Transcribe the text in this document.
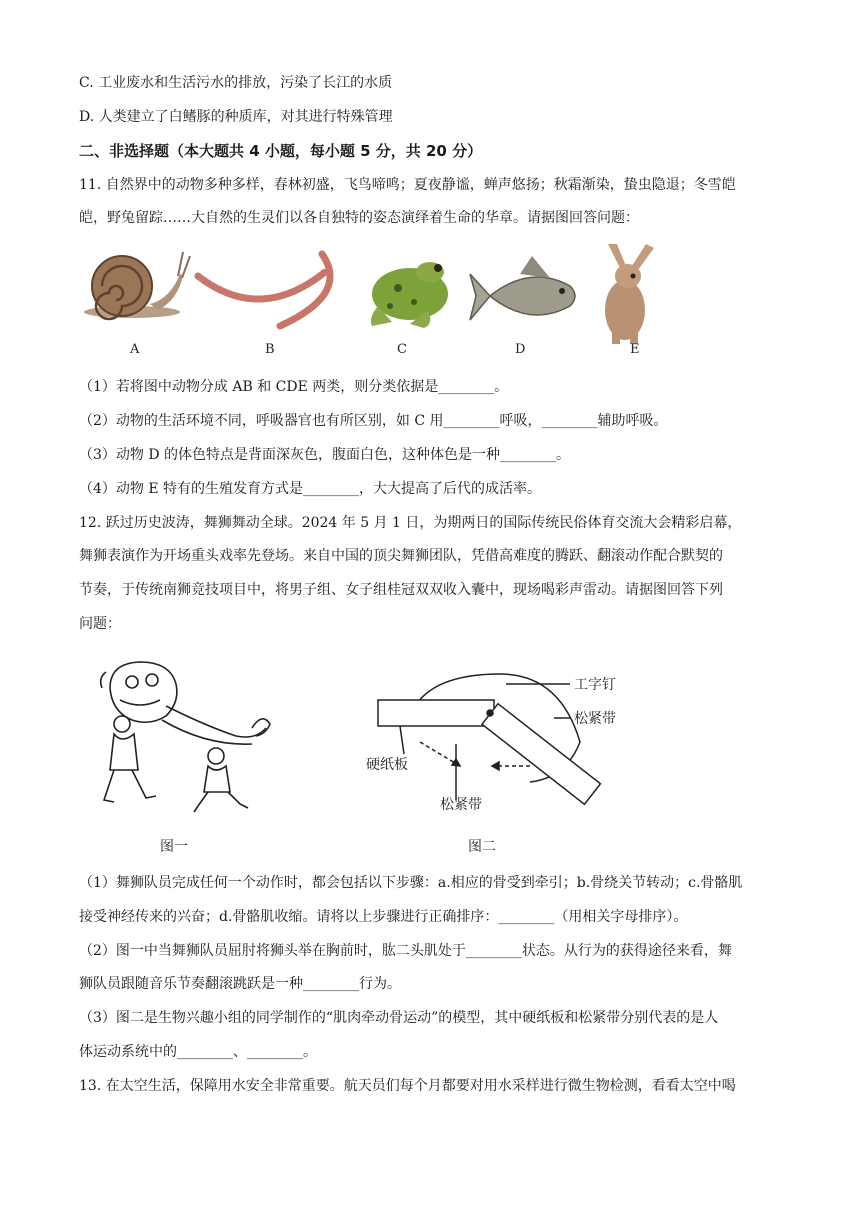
C. 工业废水和生活污水的排放，污染了长江的水质
D. 人类建立了白鳍豚的种质库，对其进行特殊管理
二、非选择题（本大题共 4 小题，每小题 5 分，共 20 分）
11. 自然界中的动物多种多样，春林初盛，飞鸟啼鸣；夏夜静谧，蝉声悠扬；秋霜渐染，蛰虫隐退；冬雪皑
皑，野兔留踪……大自然的生灵们以各自独特的姿态演绎着生命的华章。请据图回答问题：
A	B	C	D	E
（1）若将图中动物分成 AB 和 CDE 两类，则分类依据是________。
（2）动物的生活环境不同，呼吸器官也有所区别，如 C 用________呼吸，________辅助呼吸。
（3）动物 D 的体色特点是背面深灰色，腹面白色，这种体色是一种________。
（4）动物 E 特有的生殖发育方式是________，大大提高了后代的成活率。
12. 跃过历史波涛，舞狮舞动全球。2024 年 5 月 1 日，为期两日的国际传统民俗体育交流大会精彩启幕，
舞狮表演作为开场重头戏率先登场。来自中国的顶尖舞狮团队，凭借高难度的腾跃、翻滚动作配合默契的
节奏，于传统南狮竞技项目中，将男子组、女子组桂冠双双收入囊中，现场喝彩声雷动。请据图回答下列
问题：
图一
工字钉
松紧带
硬纸板
松紧带
图二
（1）舞狮队员完成任何一个动作时，都会包括以下步骤：a.相应的骨受到牵引；b.骨绕关节转动；c.骨骼肌
接受神经传来的兴奋；d.骨骼肌收缩。请将以上步骤进行正确排序：________（用相关字母排序）。
（2）图一中当舞狮队员屈肘将狮头举在胸前时，肱二头肌处于________状态。从行为的获得途径来看，舞
狮队员跟随音乐节奏翻滚跳跃是一种________行为。
（3）图二是生物兴趣小组的同学制作的“肌肉牵动骨运动”的模型，其中硬纸板和松紧带分别代表的是人
体运动系统中的________、________。
13. 在太空生活，保障用水安全非常重要。航天员们每个月都要对用水采样进行微生物检测，看看太空中喝
